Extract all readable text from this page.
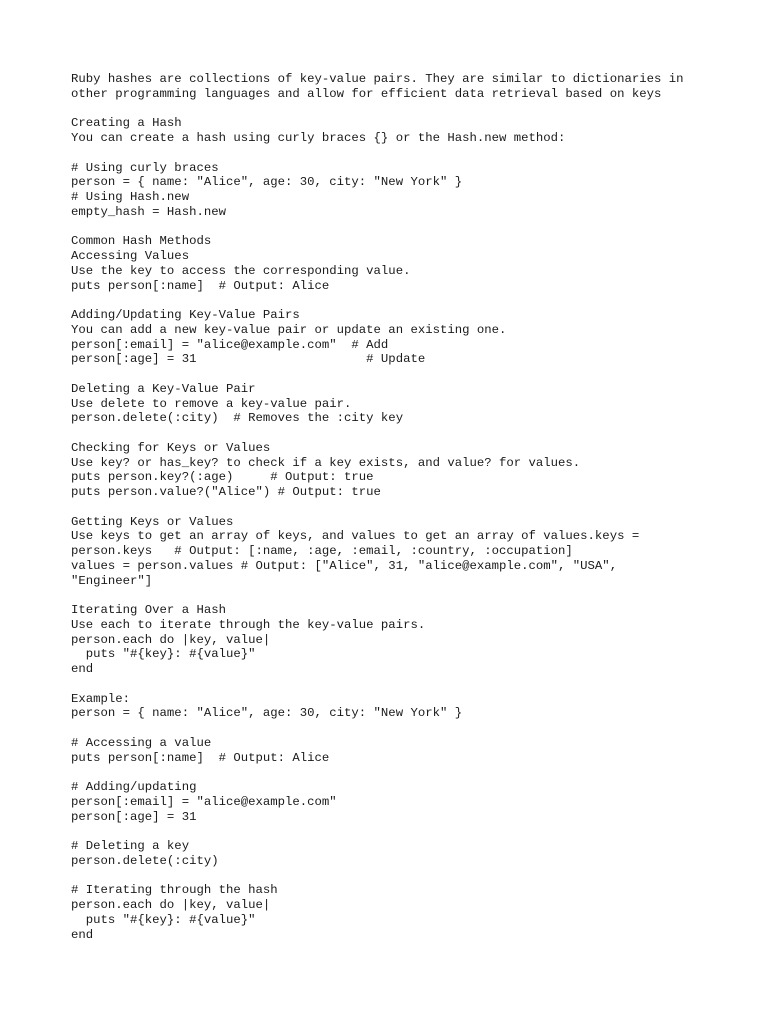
Ruby hashes are collections of key-value pairs. They are similar to dictionaries in
other programming languages and allow for efficient data retrieval based on keys
Creating a Hash
You can create a hash using curly braces {} or the Hash.new method:
# Using curly braces
person = { name: "Alice", age: 30, city: "New York" }
# Using Hash.new
empty_hash = Hash.new
Common Hash Methods
Accessing Values
Use the key to access the corresponding value.
puts person[:name]  # Output: Alice
Adding/Updating Key-Value Pairs
You can add a new key-value pair or update an existing one.
person[:email] = "alice@example.com"  # Add
person[:age] = 31                       # Update
Deleting a Key-Value Pair
Use delete to remove a key-value pair.
person.delete(:city)  # Removes the :city key
Checking for Keys or Values
Use key? or has_key? to check if a key exists, and value? for values.
puts person.key?(:age)     # Output: true
puts person.value?("Alice") # Output: true
Getting Keys or Values
Use keys to get an array of keys, and values to get an array of values.keys =
person.keys   # Output: [:name, :age, :email, :country, :occupation]
values = person.values # Output: ["Alice", 31, "alice@example.com", "USA",
"Engineer"]
Iterating Over a Hash
Use each to iterate through the key-value pairs.
person.each do |key, value|
puts "#{key}: #{value}"
end
Example:
person = { name: "Alice", age: 30, city: "New York" }
# Accessing a value
puts person[:name]  # Output: Alice
# Adding/updating
person[:email] = "alice@example.com"
person[:age] = 31
# Deleting a key
person.delete(:city)
# Iterating through the hash
person.each do |key, value|
puts "#{key}: #{value}"
end
